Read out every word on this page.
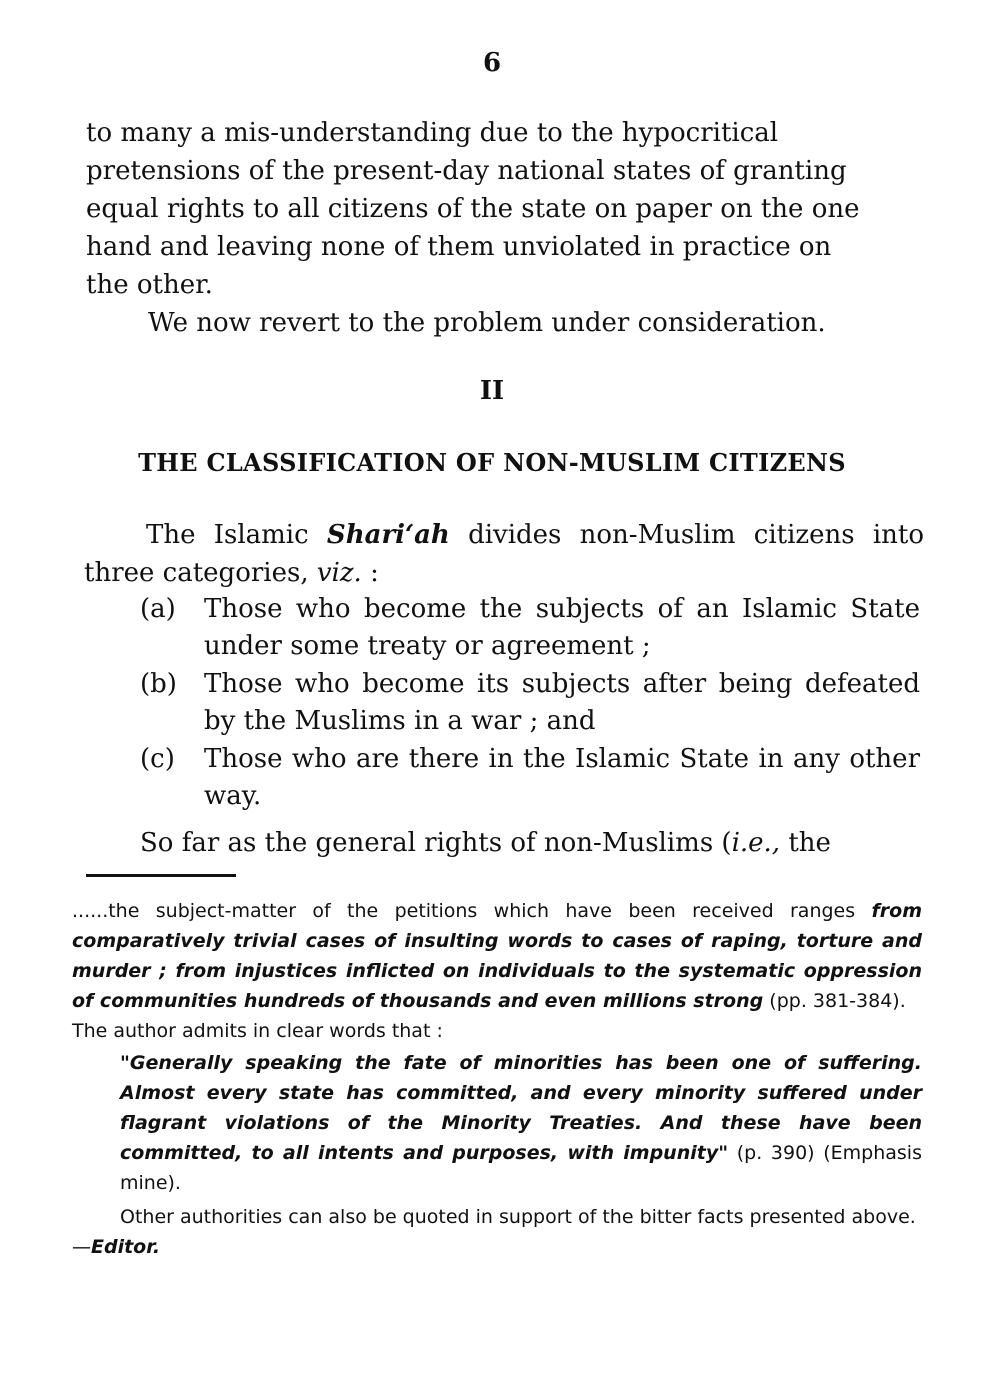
6
to many a mis-understanding due to the hypocritical
pretensions of the present-day national states of granting
equal rights to all citizens of the state on paper on the one
hand and leaving none of them unviolated in practice on
the other.
We now revert to the problem under consideration.
II
THE CLASSIFICATION OF NON-MUSLIM CITIZENS
The Islamic Shari‘ah divides non-Muslim citizens into three categories, viz. :
(a)	Those who become the subjects of an Islamic State under some treaty or agreement ;
(b)	Those who become its subjects after being defeated by the Muslims in a war ; and
(c)	Those who are there in the Islamic State in any other way.
So far as the general rights of non-Muslims (i.e., the

......the subject-matter of the petitions which have been received ranges from comparatively trivial cases of insulting words to cases of raping, torture and murder ; from injustices inflicted on individuals to the systematic oppression of communities hundreds of thousands and even millions strong (pp. 381-384).

The author admits in clear words that :

"Generally speaking the fate of minorities has been one of suffering. Almost every state has committed, and every minority suffered under flagrant violations of the Minority Treaties. And these have been committed, to all intents and purposes, with impunity" (p. 390) (Emphasis mine).

Other authorities can also be quoted in support of the bitter facts presented above.—Editor.
